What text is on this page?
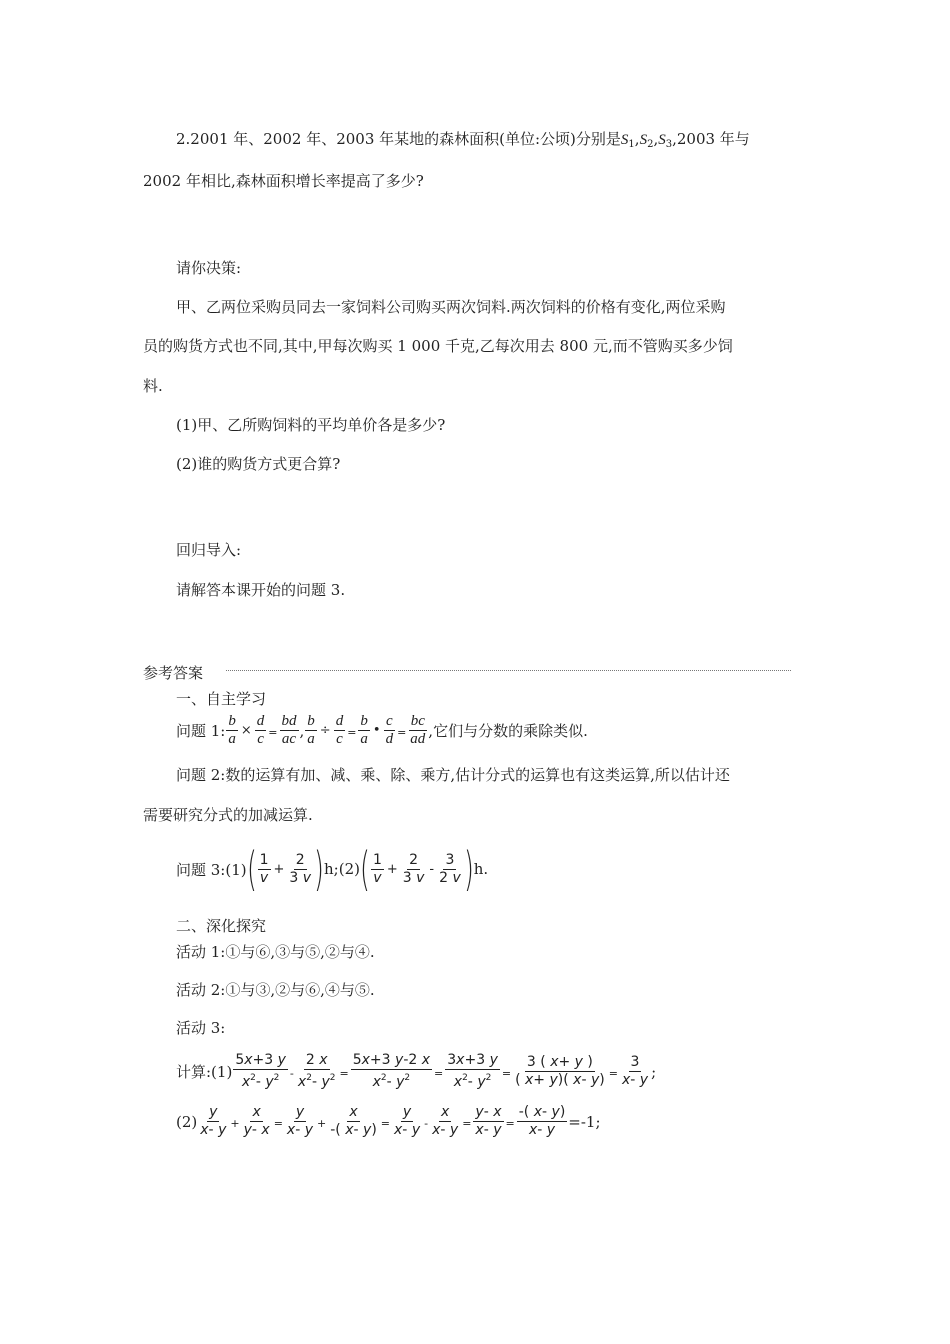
2.2001 年、2002 年、2003 年某地的森林面积(单位:公顷)分别是$S_1,S_2,S_3,2003$ 年与
2002 年相比,森林面积增长率提高了多少?
请你决策:
甲、乙两位采购员同去一家饲料公司购买两次饲料.两次饲料的价格有变化,两位采购
员的购货方式也不同,其中,甲每次购买 1 000 千克,乙每次用去 800 元,而不管购买多少饲
料.
(1)甲、乙所购饲料的平均单价各是多少?
(2)谁的购货方式更合算?
回归导入:
请解答本课开始的问题 3.
参考答案
一、自主学习
问题 1: $\frac{b}{a} \times \frac{d}{c} = \frac{bd}{ac}$ , $\frac{b}{a} \div \frac{d}{c} = \frac{b}{a}$ • $\frac{c}{d} = \frac{bc}{ad}$ ,它们与分数的乘除类似.
问题 2:数的运算有加、减、乘、除、乘方,估计分式的运算也有这类运算,所以估计还
需要研究分式的加减运算.
问题 3:(1) ( $\frac{1}{v} + \frac{2}{3 v}$ ) h;(2) ( $\frac{1}{v} + \frac{2}{3 v} - \frac{3}{2 v}$ ) h.
二、深化探究
活动 1:①与⑥,③与⑤,②与④.
活动 2:①与③,②与⑥,④与⑤.
活动 3:
计算:(1) $\frac{5x+3 y}{x^2- y^2} - \frac{2 x}{x^2- y^2} = \frac{5x+3 y-2 x}{x^2- y^2} = \frac{3x+3 y}{x^2- y^2} = \frac{3 ( x+ y )}{( x+ y)( x- y)} = \frac{3}{x- y}$ ;
$(2) \frac{y}{x- y} + \frac{x}{y- x} = \frac{y}{x- y} + \frac{x}{-( x- y)} = \frac{y}{x- y} - \frac{x}{x- y} = \frac{y- x}{x- y} = \frac{-( x- y)}{x- y} =-1$;
